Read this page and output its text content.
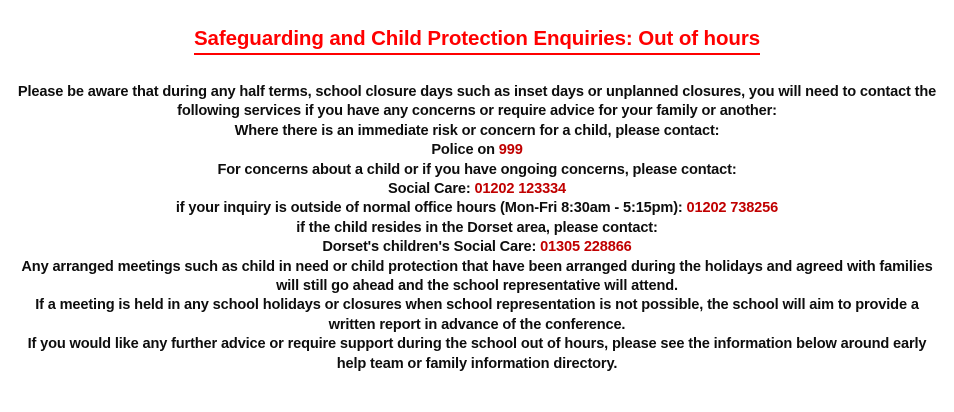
Safeguarding and Child Protection Enquiries: Out of hours

Please be aware that during any half terms, school closure days such as inset days or unplanned closures, you will need to contact the following services if you have any concerns or require advice for your family or another:

Where there is an immediate risk or concern for a child, please contact:

Police on 999

For concerns about a child or if you have ongoing concerns, please contact:

Social Care: 01202 123334

if your inquiry is outside of normal office hours (Mon-Fri 8:30am - 5:15pm): 01202 738256

if the child resides in the Dorset area, please contact:

Dorset's children's Social Care: 01305 228866

Any arranged meetings such as child in need or child protection that have been arranged during the holidays and agreed with families will still go ahead and the school representative will attend.

If a meeting is held in any school holidays or closures when school representation is not possible, the school will aim to provide a written report in advance of the conference.

If you would like any further advice or require support during the school out of hours, please see the information below around early help team or family information directory.
